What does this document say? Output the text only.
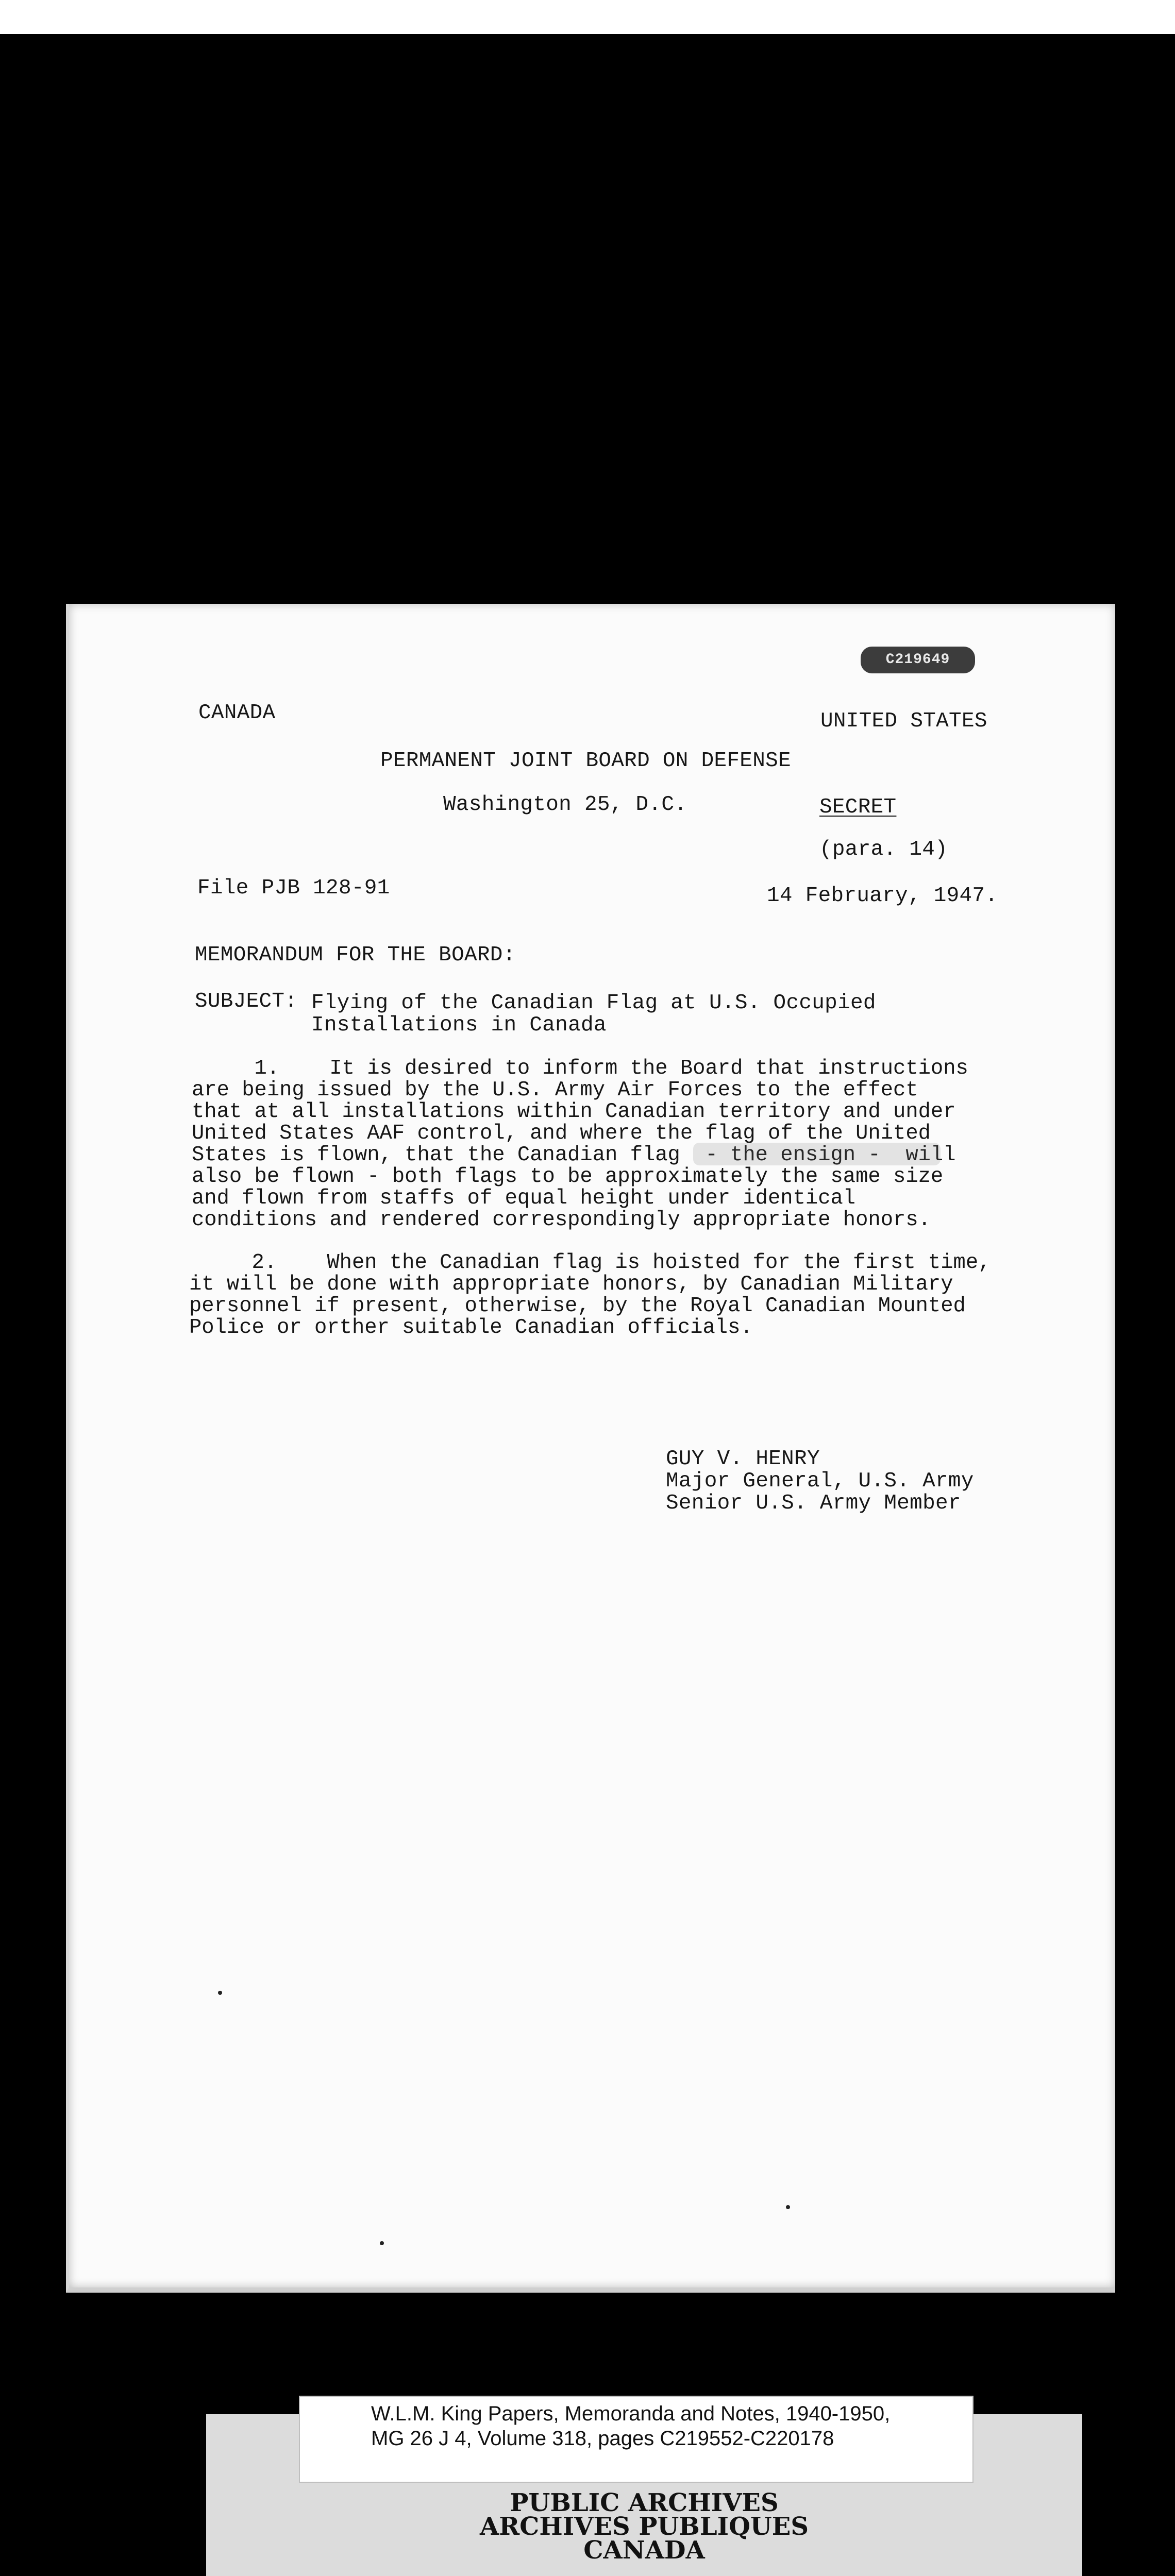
C219649
CANADA	UNITED STATES
PERMANENT JOINT BOARD ON DEFENSE
Washington 25, D.C.	SECRET
(para. 14)
File PJB 128-91	14 February, 1947.
MEMORANDUM FOR THE BOARD:
SUBJECT: Flying of the Canadian Flag at U.S. Occupied
Installations in Canada
1.    It is desired to inform the Board that instructions
are being issued by the U.S. Army Air Forces to the effect
that at all installations within Canadian territory and under
United States AAF control, and where the flag of the United
States is flown, that the Canadian flag  - the ensign -  will
also be flown - both flags to be approximately the same size
and flown from staffs of equal height under identical
conditions and rendered correspondingly appropriate honors.
2.    When the Canadian flag is hoisted for the first time,
it will be done with appropriate honors, by Canadian Military
personnel if present, otherwise, by the Royal Canadian Mounted
Police or orther suitable Canadian officials.
GUY V. HENRY
Major General, U.S. Army
Senior U.S. Army Member
W.L.M. King Papers, Memoranda and Notes, 1940-1950,
MG 26 J 4, Volume 318, pages C219552-C220178
PUBLIC ARCHIVES
ARCHIVES PUBLIQUES
CANADA
